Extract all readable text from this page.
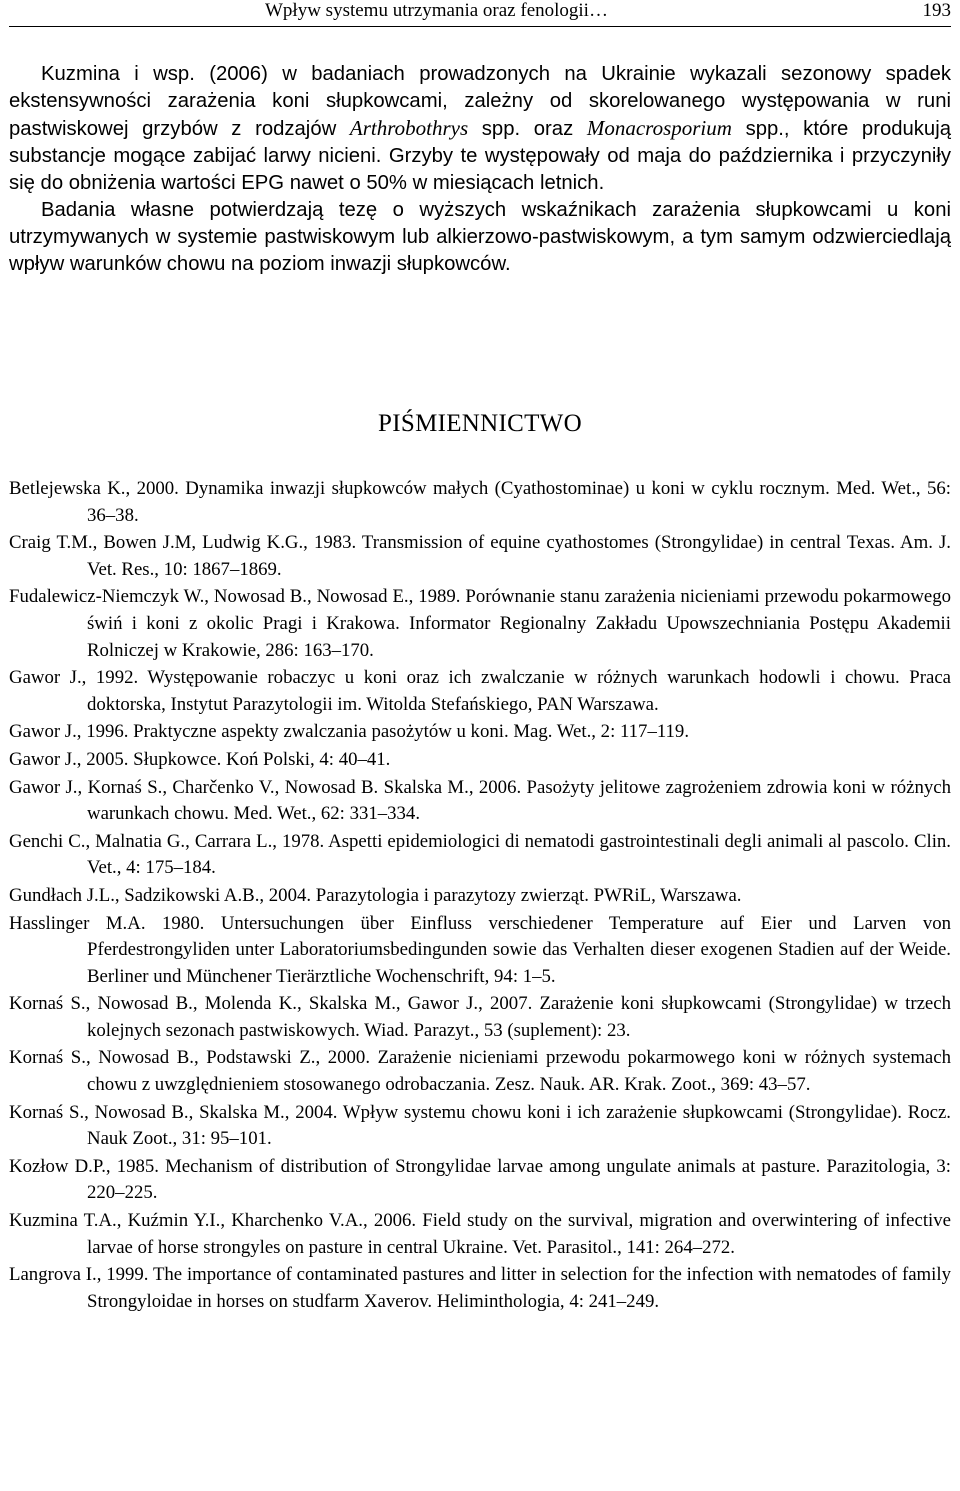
Wpływ systemu utrzymania oraz fenologii…	193

Kuzmina i wsp. (2006) w badaniach prowadzonych na Ukrainie wykazali sezonowy spadek ekstensywności zarażenia koni słupkowcami, zależny od skorelowanego występowania w runi pastwiskowej grzybów z rodzajów Arthrobothrys spp. oraz Monacrosporium spp., które produkują substancje mogące zabijać larwy nicieni. Grzyby te występowały od maja do października i przyczyniły się do obniżenia wartości EPG nawet o 50% w miesiącach letnich.

Badania własne potwierdzają tezę o wyższych wskaźnikach zarażenia słupkowcami u koni utrzymywanych w systemie pastwiskowym lub alkierzowo-pastwiskowym, a tym samym odzwierciedlają wpływ warunków chowu na poziom inwazji słupkowców.

PIŚMIENNICTWO

Betlejewska K., 2000. Dynamika inwazji słupkowców małych (Cyathostominae) u koni w cyklu rocznym. Med. Wet., 56: 36–38.

Craig T.M., Bowen J.M, Ludwig K.G., 1983. Transmission of equine cyathostomes (Strongylidae) in central Texas. Am. J. Vet. Res., 10: 1867–1869.

Fudalewicz-Niemczyk W., Nowosad B., Nowosad E., 1989. Porównanie stanu zarażenia nicieniami przewodu pokarmowego świń i koni z okolic Pragi i Krakowa. Informator Regionalny Zakładu Upowszechniania Postępu Akademii Rolniczej w Krakowie, 286: 163–170.

Gawor J., 1992. Występowanie robaczyc u koni oraz ich zwalczanie w różnych warunkach hodowli i chowu. Praca doktorska, Instytut Parazytologii im. Witolda Stefańskiego, PAN Warszawa.

Gawor J., 1996. Praktyczne aspekty zwalczania pasożytów u koni. Mag. Wet., 2: 117–119.

Gawor J., 2005. Słupkowce. Koń Polski, 4: 40–41.

Gawor J., Kornaś S., Charčenko V., Nowosad B. Skalska M., 2006. Pasożyty jelitowe zagrożeniem zdrowia koni w różnych warunkach chowu. Med. Wet., 62: 331–334.

Genchi C., Malnatia G., Carrara L., 1978. Aspetti epidemiologici di nematodi gastrointestinali degli animali al pascolo. Clin. Vet., 4: 175–184.

Gundłach J.L., Sadzikowski A.B., 2004. Parazytologia i parazytozy zwierząt. PWRiL, Warszawa.

Hasslinger M.A. 1980. Untersuchungen über Einfluss verschiedener Temperature auf Eier und Larven von Pferdestrongyliden unter Laboratoriumsbedingunden sowie das Verhalten dieser exogenen Stadien auf der Weide. Berliner und Münchener Tierärztliche Wochenschrift, 94: 1–5.

Kornaś S., Nowosad B., Molenda K., Skalska M., Gawor J., 2007. Zarażenie koni słupkowcami (Strongylidae) w trzech kolejnych sezonach pastwiskowych. Wiad. Parazyt., 53 (suplement): 23.

Kornaś S., Nowosad B., Podstawski Z., 2000. Zarażenie nicieniami przewodu pokarmowego koni w różnych systemach chowu z uwzględnieniem stosowanego odrobaczania. Zesz. Nauk. AR. Krak. Zoot., 369: 43–57.

Kornaś S., Nowosad B., Skalska M., 2004. Wpływ systemu chowu koni i ich zarażenie słupkowcami (Strongylidae). Rocz. Nauk Zoot., 31: 95–101.

Kozłow D.P., 1985. Mechanism of distribution of Strongylidae larvae among ungulate animals at pasture. Parazitologia, 3: 220–225.

Kuzmina T.A., Kuźmin Y.I., Kharchenko V.A., 2006. Field study on the survival, migration and overwintering of infective larvae of horse strongyles on pasture in central Ukraine. Vet. Parasitol., 141: 264–272.

Langrova I., 1999. The importance of contaminated pastures and litter in selection for the infection with nematodes of family Strongyloidae in horses on studfarm Xaverov. Heliminthologia, 4: 241–249.
